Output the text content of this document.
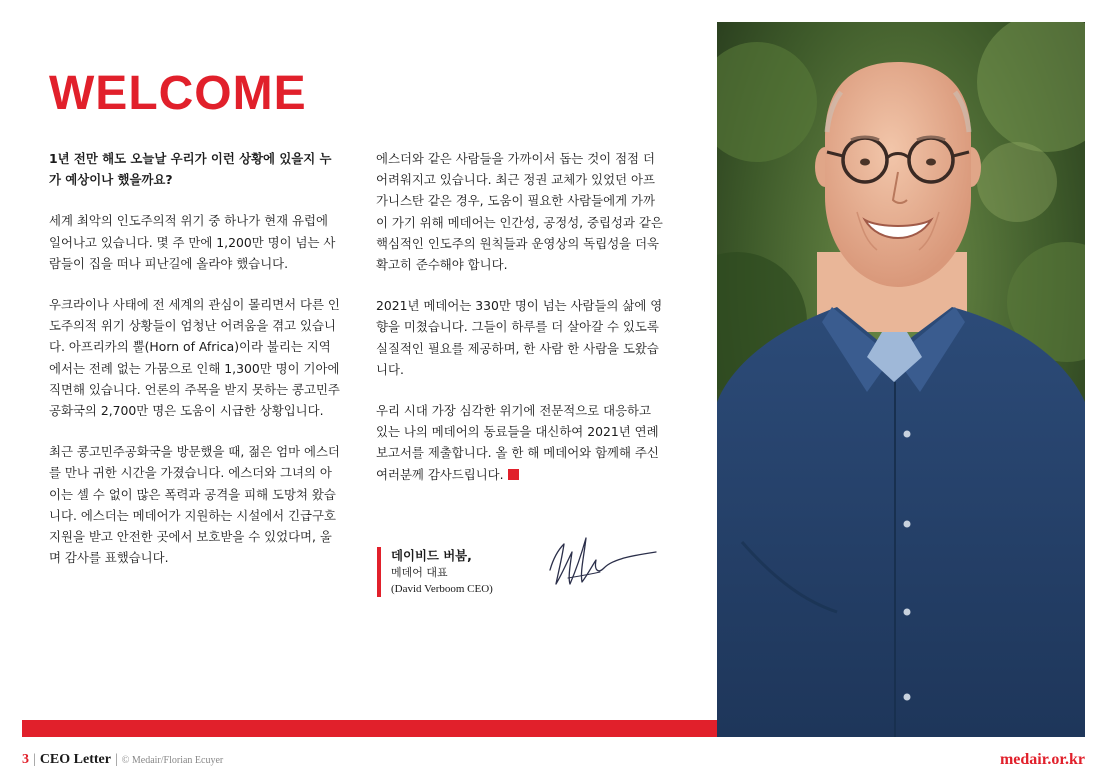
WELCOME

1년 전만 해도 오늘날 우리가 이런 상황에 있을지 누가 예상이나 했을까요?

세계 최악의 인도주의적 위기 중 하나가 현재 유럽에 일어나고 있습니다. 몇 주 만에 1,200만 명이 넘는 사람들이 집을 떠나 피난길에 올라야 했습니다.

우크라이나 사태에 전 세계의 관심이 몰리면서 다른 인도주의적 위기 상황들이 엄청난 어려움을 겪고 있습니다. 아프리카의 뿔(Horn of Africa)이라 불리는 지역에서는 전례 없는 가뭄으로 인해 1,300만 명이 기아에 직면해 있습니다. 언론의 주목을 받지 못하는 콩고민주공화국의 2,700만 명은 도움이 시급한 상황입니다.

최근 콩고민주공화국을 방문했을 때, 젊은 엄마 에스더를 만나 귀한 시간을 가졌습니다. 에스더와 그녀의 아이는 셀 수 없이 많은 폭력과 공격을 피해 도망쳐 왔습니다. 에스더는 메데어가 지원하는 시설에서 긴급구호 지원을 받고 안전한 곳에서 보호받을 수 있었다며, 울며 감사를 표했습니다.

에스더와 같은 사람들을 가까이서 돕는 것이 점점 더 어려워지고 있습니다. 최근 정권 교체가 있었던 아프가니스탄 같은 경우, 도움이 필요한 사람들에게 가까이 가기 위해 메데어는 인간성, 공정성, 중립성과 같은 핵심적인 인도주의 원칙들과 운영상의 독립성을 더욱 확고히 준수해야 합니다.

2021년 메데어는 330만 명이 넘는 사람들의 삶에 영향을 미쳤습니다. 그들이 하루를 더 살아갈 수 있도록 실질적인 필요를 제공하며, 한 사람 한 사람을 도왔습니다.

우리 시대 가장 심각한 위기에 전문적으로 대응하고 있는 나의 메데어의 동료들을 대신하여 2021년 연례 보고서를 제출합니다. 올 한 해 메데어와 함께해 주신 여러분께 감사드립니다.

데이비드 버붐,
메데어 대표
(David Verboom CEO)
3 | CEO Letter | © Medair/Florian Ecuyer	medair.or.kr
